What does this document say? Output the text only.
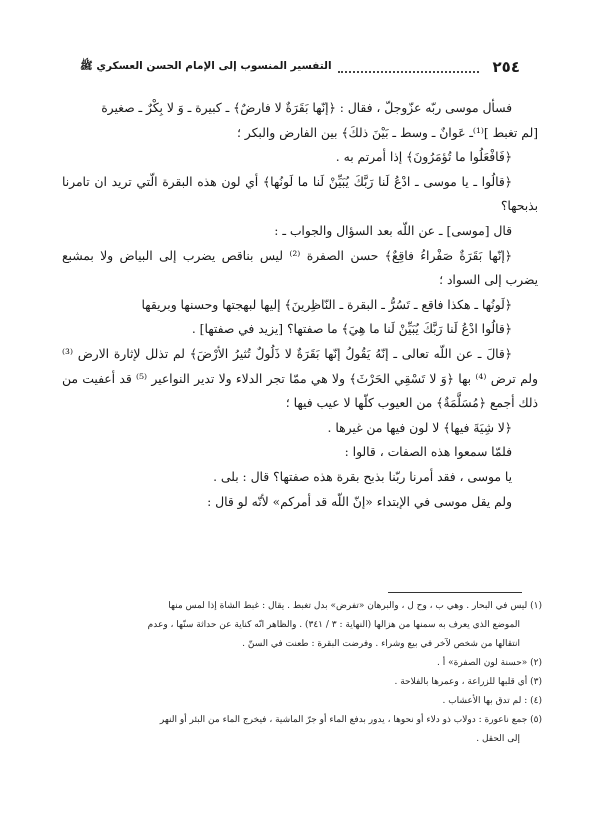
٢٥٤
التفسير المنسوب إلى الإمام الحسن العسكري ﷺ

فسأل موسى ربّه عزّوجلّ ، فقال : ﴿إنّها بَقَرَةٌ لا فارضٌ﴾ ـ كبيرة ـ وَ لا بِكْرٌ ـ صغيرة

[لم تغبط ]⁽¹⁾ـ عَوانٌ ـ وسط ـ بَيْنَ ذلكَ﴾ بين الفارض والبكر ؛

﴿فَافْعَلُوا ما تُؤمَرُونَ﴾ إذا أمرتم به .

﴿قالُوا ـ يا موسى ـ ادْعُ لَنا رَبَّكَ يُبَيِّنْ لَنا ما لَونُها﴾ أي لون هذه البقرة الّتي تريد ان تامرنا بذبحها؟

قال [موسى] ـ عن اللّه بعد السؤال والجواب ـ :

﴿إنّها بَقَرَةٌ صَفْراءُ فاقِعٌ﴾ حسن الصفرة ⁽²⁾ ليس بناقص يضرب إلى البياض ولا بمشبع يضرب إلى السواد ؛

﴿لَونُها ـ هكذا فاقع ـ تَسُرُّ ـ البقرة ـ النّاظِرينَ﴾ إليها لبهجتها وحسنها وبريقها

﴿قالُوا ادْعُ لَنا رَبَّكَ يُبَيِّنْ لَنا ما هِيَ﴾ ما صفتها؟ [يزيد في صفتها] .

﴿قالَ ـ عن اللّه تعالى ـ إنّهُ يَقُولُ إنّها بَقَرَةٌ لا ذَلُولٌ تُثيرُ الأرْضَ﴾ لم تذلل لإثارة الارض ⁽³⁾ ولم ترض ⁽⁴⁾ بها ﴿وَ لا تَسْقِي الحَرْثَ﴾ ولا هي ممّا تجر الدلاء ولا تدير النواعير ⁽⁵⁾ قد أعفيت من ذلك أجمع ﴿مُسَلَّمَةٌ﴾ من العيوب كلّها لا عيب فيها ؛

﴿لا شِيَةَ فيها﴾ لا لون فيها من غيرها .

فلمّا سمعوا هذه الصفات ، قالوا :

يا موسى ، فقد أمرنا ربّنا بذبح بقرة هذه صفتها؟ قال : بلى .

ولم يقل موسى في الإبتداء «إنّ اللّه قد أمركم» لأنّه لو قال :

(١) ليس في البحار . وهي ب ، وح ل ، والبرهان «تفرض» بدل تغبط . يقال : غبط الشاة إذا لمس منها

الموضع الذي يعرف به سمنها من هزالها (النهاية : ٣ / ٣٤١) . والظاهر انّه كناية عن حداثة سنّها ، وعدم

انتقالها من شخص لآخر في بيع وشراء . وفرضت البقرة : طعنت في السنّ .

(٢) «حسنة لون الصفرة» أ .

(٣) أي قلبها للزراعة ، وعمرها بالفلاحة .

(٤) : لم تدق بها الأعشاب .

(٥) جمع ناعورة : دولاب ذو دلاء أو نحوها ، يدور بدفع الماء أو جرّ الماشية ، فيخرج الماء من البئر أو النهر

إلى الحقل .
